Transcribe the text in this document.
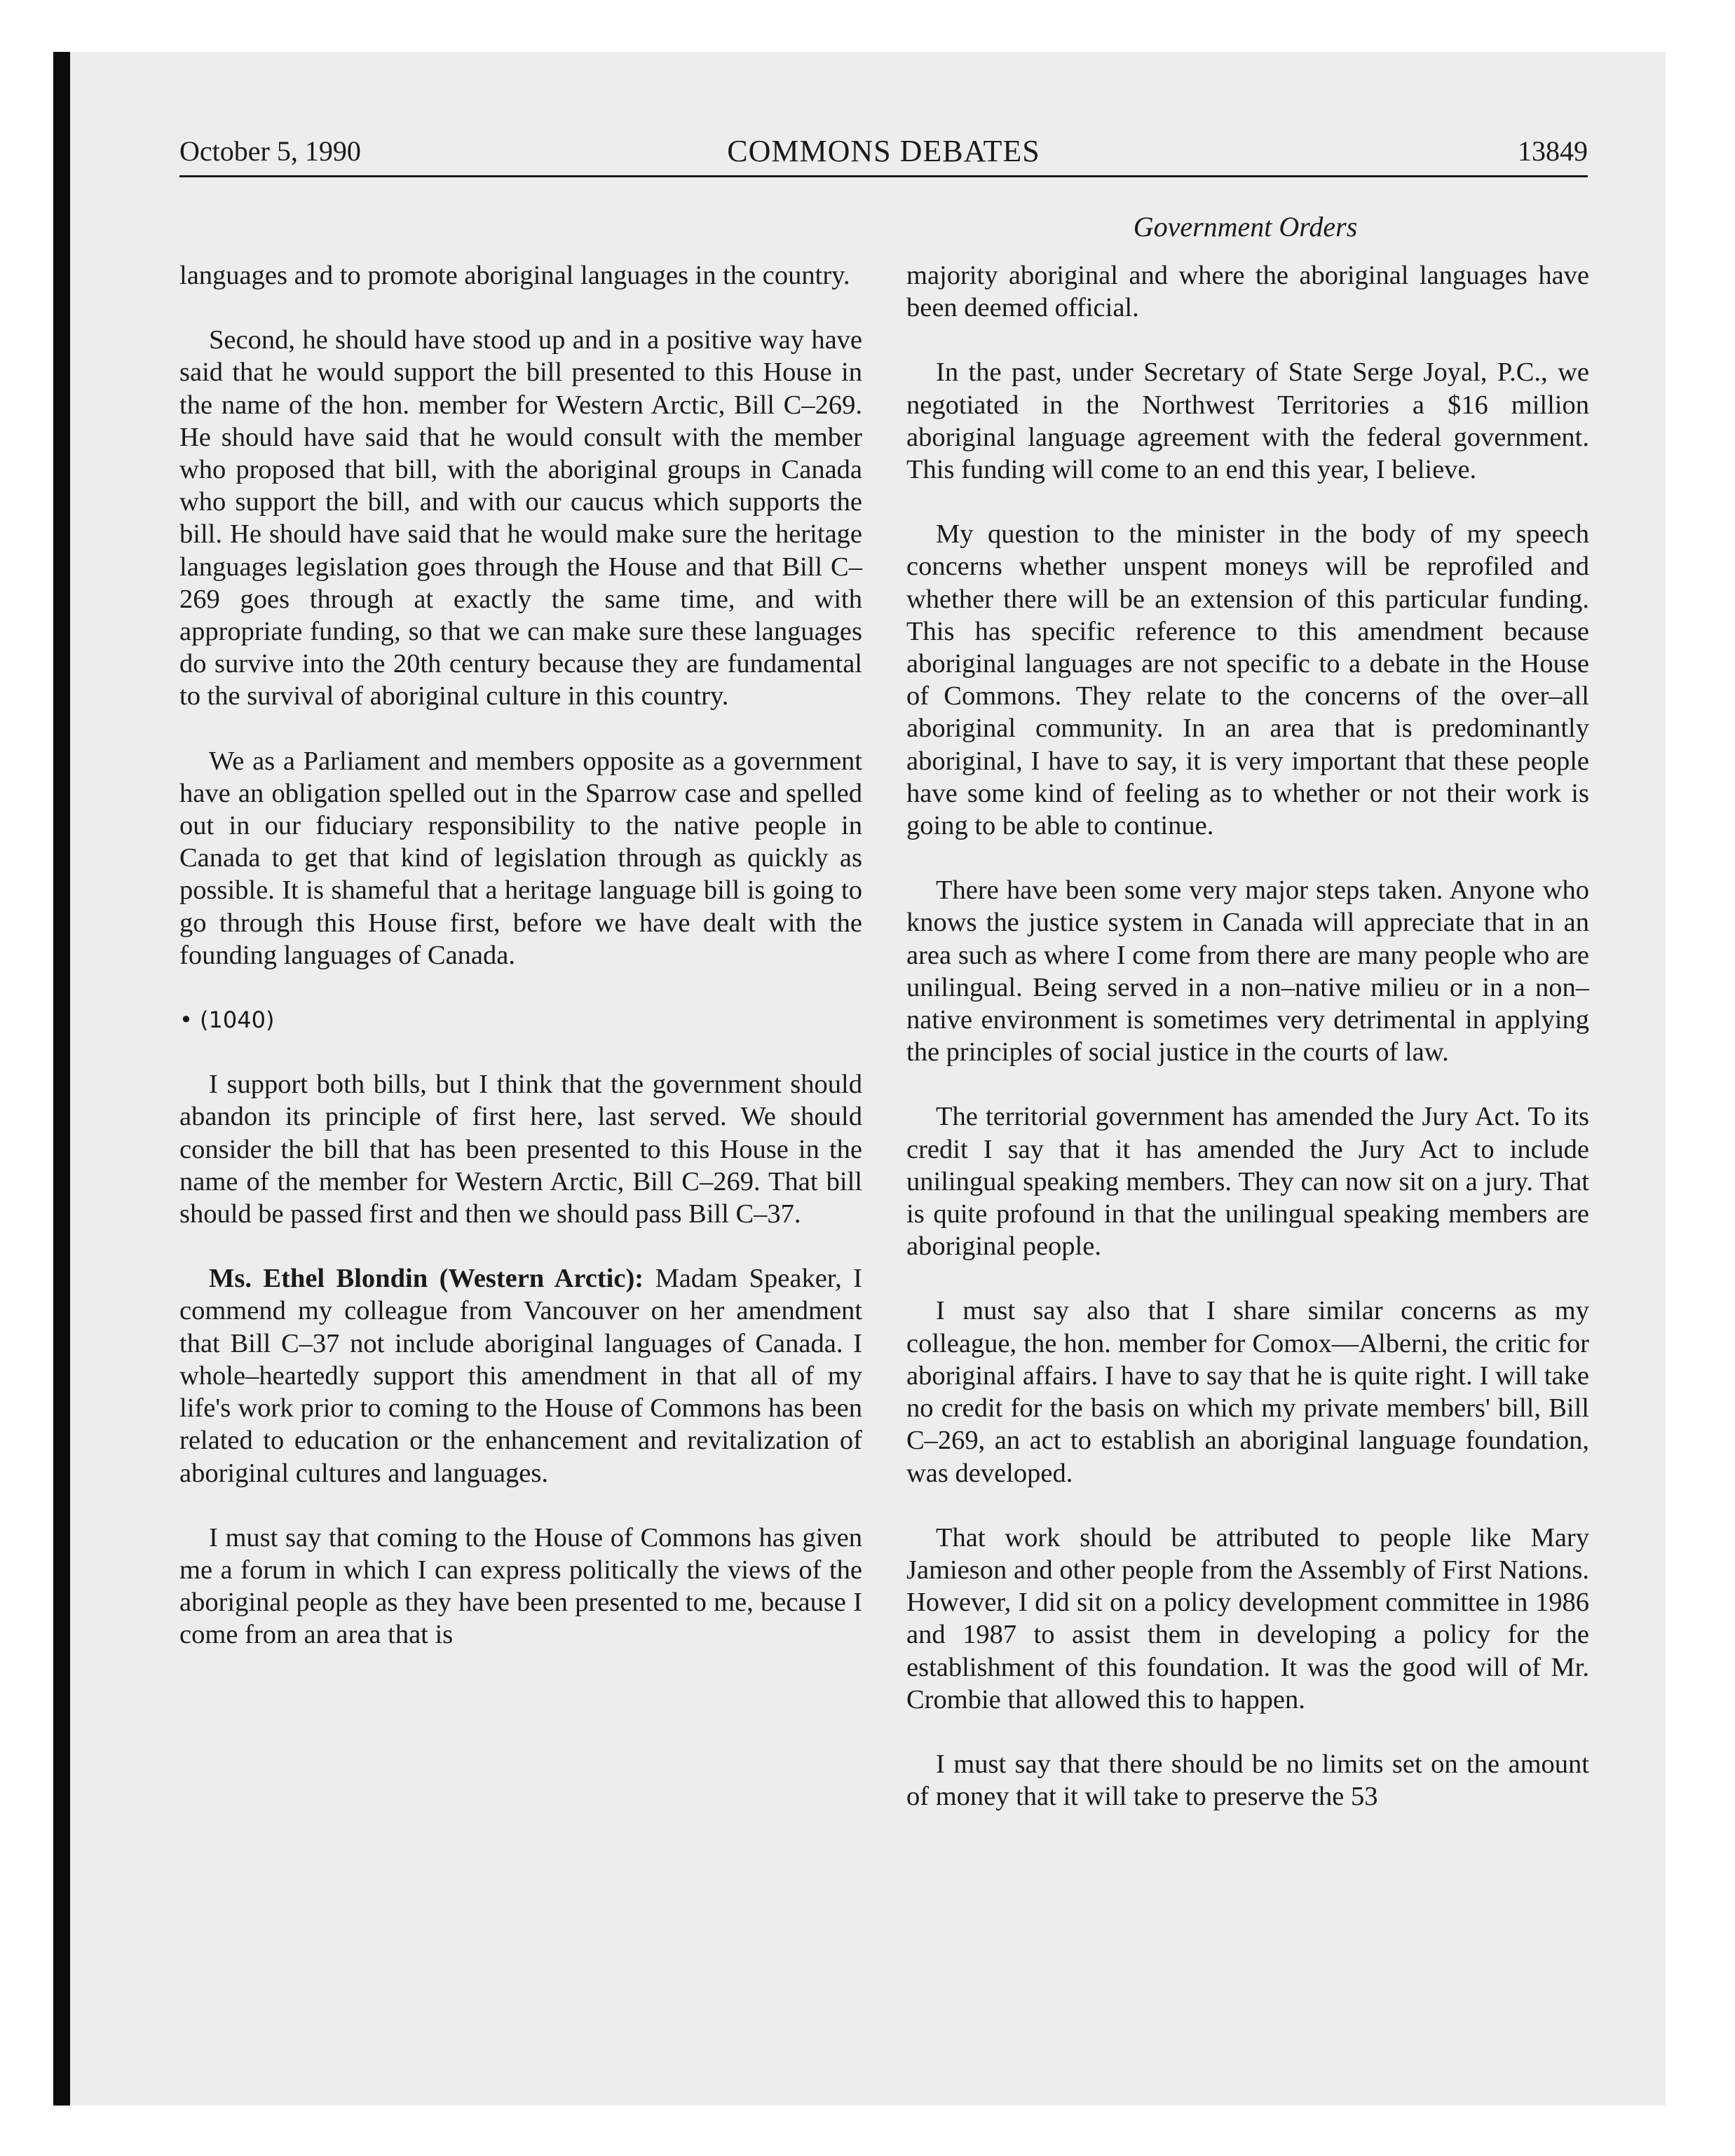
October 5, 1990	COMMONS DEBATES	13849
Government Orders

languages and to promote aboriginal languages in the country.

Second, he should have stood up and in a positive way have said that he would support the bill presented to this House in the name of the hon. member for Western Arctic, Bill C–269. He should have said that he would consult with the member who proposed that bill, with the aboriginal groups in Canada who support the bill, and with our caucus which supports the bill. He should have said that he would make sure the heritage languages legislation goes through the House and that Bill C–269 goes through at exactly the same time, and with appropriate funding, so that we can make sure these languages do survive into the 20th century because they are fundamental to the survival of aboriginal culture in this country.

We as a Parliament and members opposite as a government have an obligation spelled out in the Sparrow case and spelled out in our fiduciary responsibility to the native people in Canada to get that kind of legislation through as quickly as possible. It is shameful that a heritage language bill is going to go through this House first, before we have dealt with the founding languages of Canada.

• (1040)

I support both bills, but I think that the government should abandon its principle of first here, last served. We should consider the bill that has been presented to this House in the name of the member for Western Arctic, Bill C–269. That bill should be passed first and then we should pass Bill C–37.

Ms. Ethel Blondin (Western Arctic): Madam Speaker, I commend my colleague from Vancouver on her amendment that Bill C–37 not include aboriginal languages of Canada. I whole–heartedly support this amendment in that all of my life's work prior to coming to the House of Commons has been related to education or the enhancement and revitalization of aboriginal cultures and languages.

I must say that coming to the House of Commons has given me a forum in which I can express politically the views of the aboriginal people as they have been presented to me, because I come from an area that is

majority aboriginal and where the aboriginal languages have been deemed official.

In the past, under Secretary of State Serge Joyal, P.C., we negotiated in the Northwest Territories a $16 million aboriginal language agreement with the federal government. This funding will come to an end this year, I believe.

My question to the minister in the body of my speech concerns whether unspent moneys will be reprofiled and whether there will be an extension of this particular funding. This has specific reference to this amendment because aboriginal languages are not specific to a debate in the House of Commons. They relate to the concerns of the over–all aboriginal community. In an area that is predominantly aboriginal, I have to say, it is very important that these people have some kind of feeling as to whether or not their work is going to be able to continue.

There have been some very major steps taken. Anyone who knows the justice system in Canada will appreciate that in an area such as where I come from there are many people who are unilingual. Being served in a non–native milieu or in a non–native environment is sometimes very detrimental in applying the principles of social justice in the courts of law.

The territorial government has amended the Jury Act. To its credit I say that it has amended the Jury Act to include unilingual speaking members. They can now sit on a jury. That is quite profound in that the unilingual speaking members are aboriginal people.

I must say also that I share similar concerns as my colleague, the hon. member for Comox—Alberni, the critic for aboriginal affairs. I have to say that he is quite right. I will take no credit for the basis on which my private members' bill, Bill C–269, an act to establish an aboriginal language foundation, was developed.

That work should be attributed to people like Mary Jamieson and other people from the Assembly of First Nations. However, I did sit on a policy development committee in 1986 and 1987 to assist them in developing a policy for the establishment of this foundation. It was the good will of Mr. Crombie that allowed this to happen.

I must say that there should be no limits set on the amount of money that it will take to preserve the 53
